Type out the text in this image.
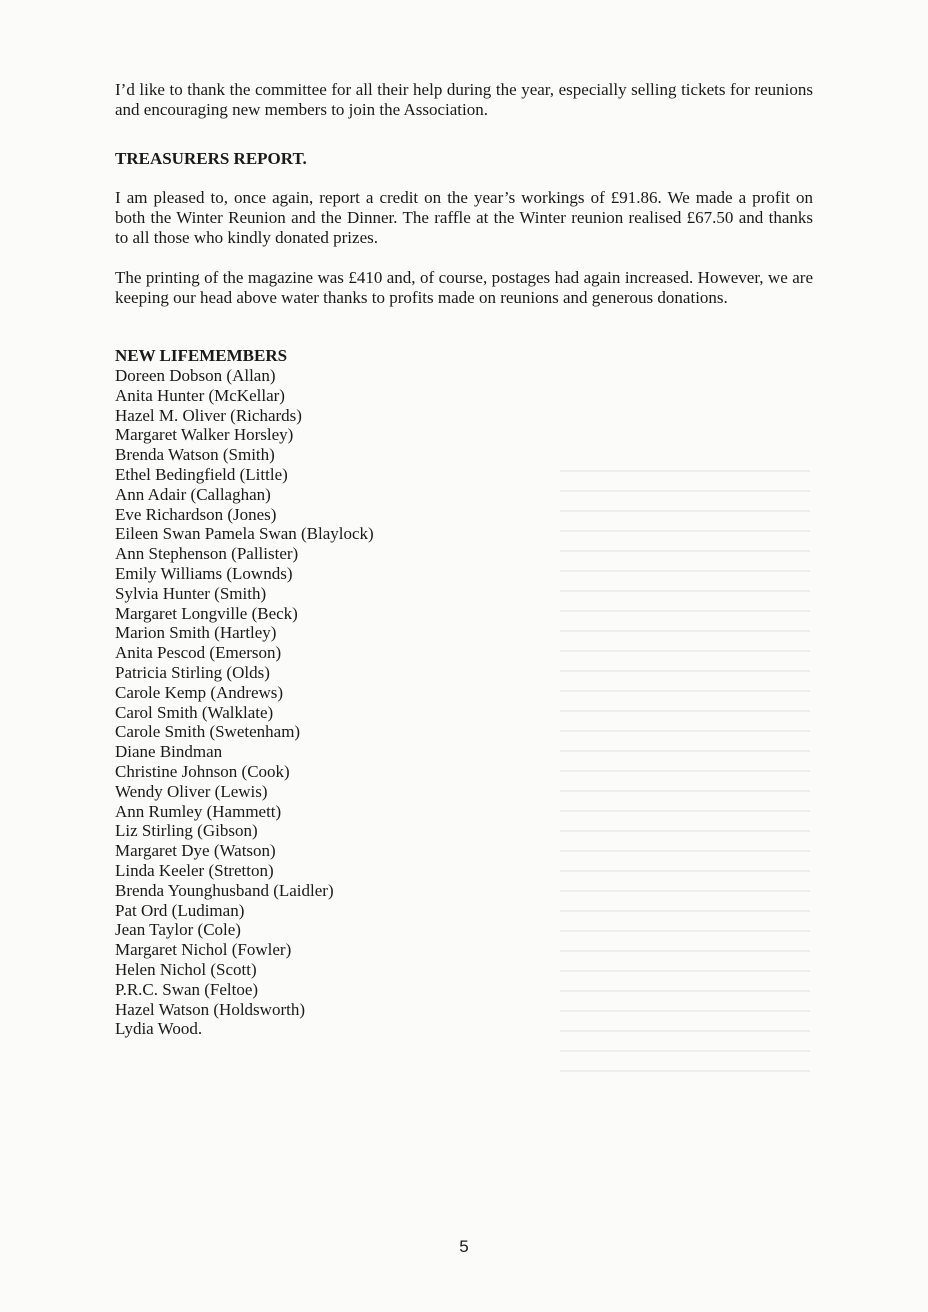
I’d like to thank the committee for all their help during the year, especially selling tickets for reunions and encouraging new members to join the Association.

TREASURERS REPORT.

I am pleased to, once again, report a credit on the year’s workings of £91.86. We made a profit on both the Winter Reunion and the Dinner. The raffle at the Winter reunion realised £67.50 and thanks to all those who kindly donated prizes.

The printing of the magazine was £410 and, of course, postages had again increased. However, we are keeping our head above water thanks to profits made on reunions and generous donations.

NEW LIFEMEMBERS
Doreen Dobson (Allan)
Anita Hunter (McKellar)
Hazel M. Oliver (Richards)
Margaret Walker Horsley)
Brenda Watson (Smith)
Ethel Bedingfield (Little)
Ann Adair (Callaghan)
Eve Richardson (Jones)
Eileen Swan Pamela Swan (Blaylock)
Ann Stephenson (Pallister)
Emily Williams (Lownds)
Sylvia Hunter (Smith)
Margaret Longville (Beck)
Marion Smith (Hartley)
Anita Pescod (Emerson)
Patricia Stirling (Olds)
Carole Kemp (Andrews)
Carol Smith (Walklate)
Carole Smith (Swetenham)
Diane Bindman
Christine Johnson (Cook)
Wendy Oliver (Lewis)
Ann Rumley (Hammett)
Liz Stirling (Gibson)
Margaret Dye (Watson)
Linda Keeler (Stretton)
Brenda Younghusband (Laidler)
Pat Ord (Ludiman)
Jean Taylor (Cole)
Margaret Nichol (Fowler)
Helen Nichol (Scott)
P.R.C. Swan (Feltoe)
Hazel Watson (Holdsworth)
Lydia Wood.
5
